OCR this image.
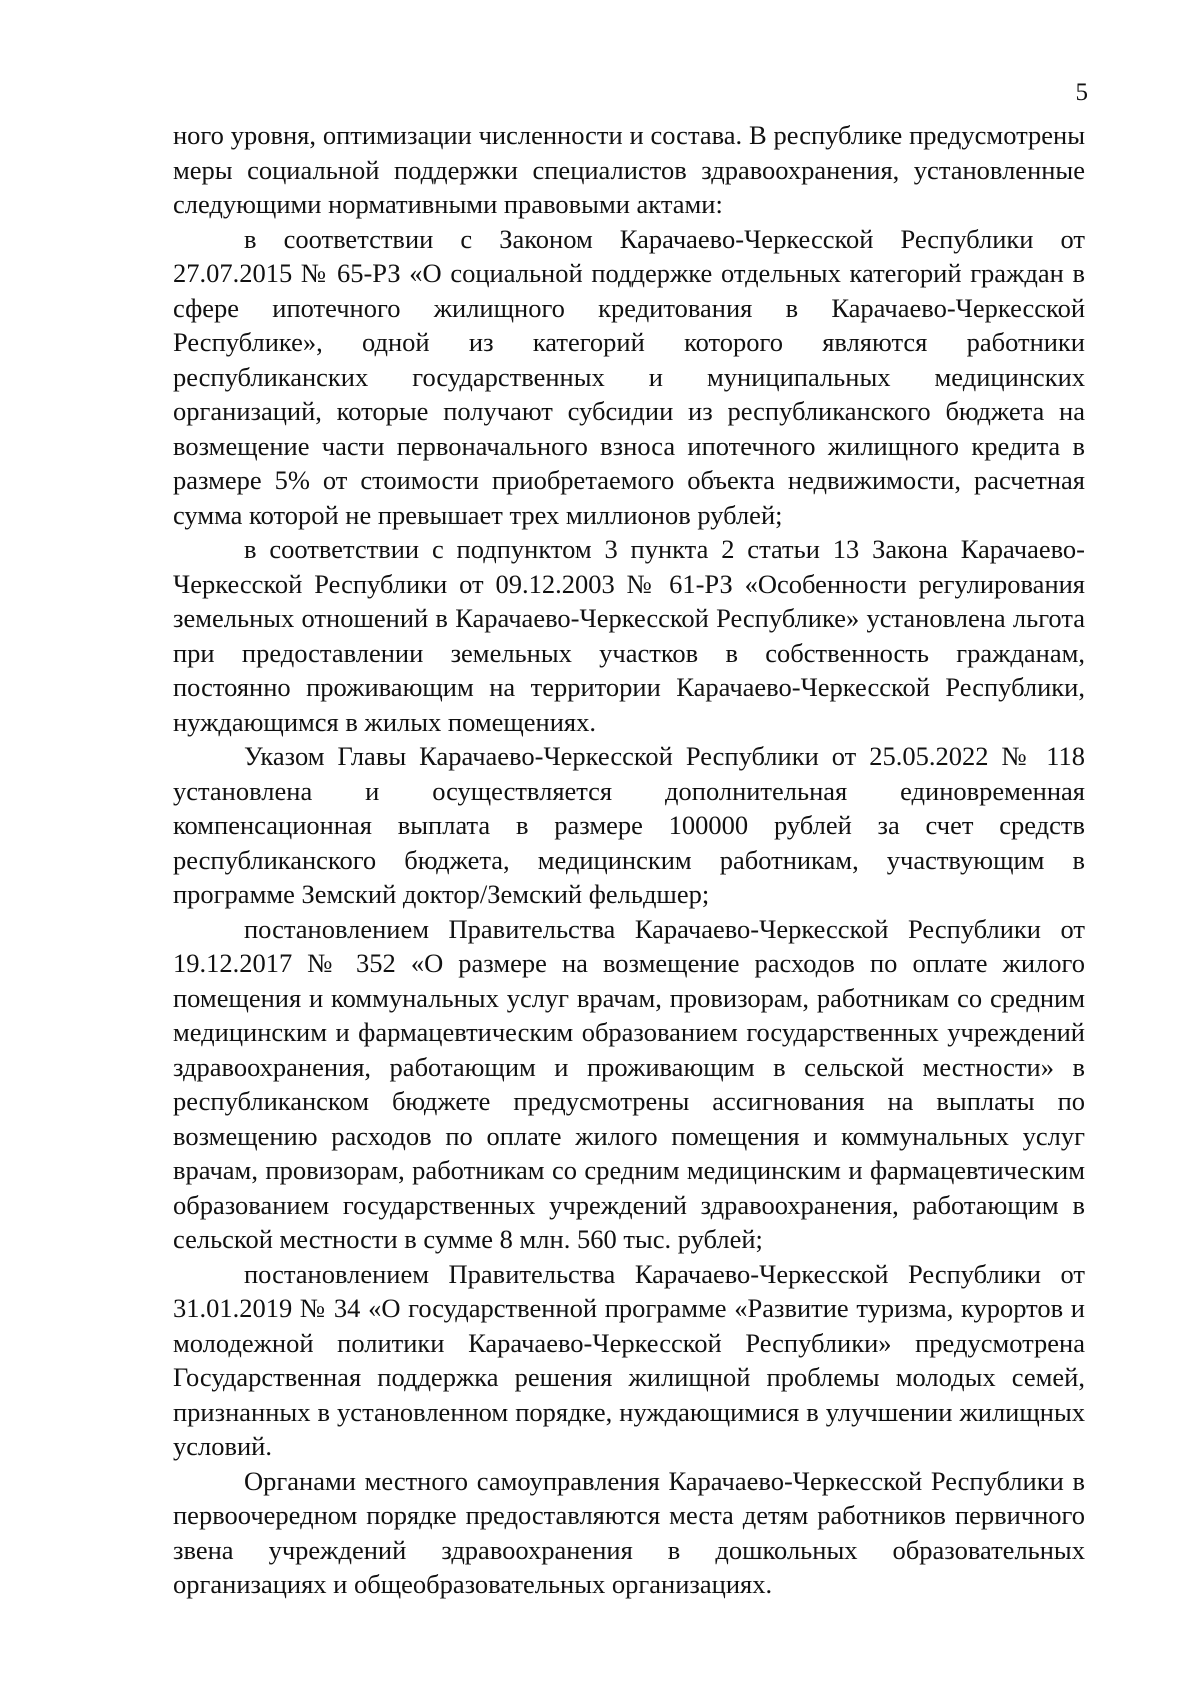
5

ного уровня, оптимизации численности и состава. В республике предусмотрены меры социальной поддержки специалистов здравоохранения, установленные следующими нормативными правовыми актами:

в соответствии с Законом Карачаево-Черкесской Республики от 27.07.2015 № 65-РЗ «О социальной поддержке отдельных категорий граждан в сфере ипотечного жилищного кредитования в Карачаево-Черкесской Республике», одной из категорий которого являются работники республиканских государственных и муниципальных медицинских организаций, которые получают субсидии из республиканского бюджета на возмещение части первоначального взноса ипотечного жилищного кредита в размере 5% от стоимости приобретаемого объекта недвижимости, расчетная сумма которой не превышает трех миллионов рублей;

в соответствии с подпунктом 3 пункта 2 статьи 13 Закона Карачаево-Черкесской Республики от 09.12.2003 № 61-РЗ «Особенности регулирования земельных отношений в Карачаево-Черкесской Республике» установлена льгота при предоставлении земельных участков в собственность гражданам, постоянно проживающим на территории Карачаево-Черкесской Республики, нуждающимся в жилых помещениях.

Указом Главы Карачаево-Черкесской Республики от 25.05.2022 № 118 установлена и осуществляется дополнительная единовременная компенсационная выплата в размере 100000 рублей за счет средств республиканского бюджета, медицинским работникам, участвующим в программе Земский доктор/Земский фельдшер;

постановлением Правительства Карачаево-Черкесской Республики от 19.12.2017 № 352 «О размере на возмещение расходов по оплате жилого помещения и коммунальных услуг врачам, провизорам, работникам со средним медицинским и фармацевтическим образованием государственных учреждений здравоохранения, работающим и проживающим в сельской местности» в республиканском бюджете предусмотрены ассигнования на выплаты по возмещению расходов по оплате жилого помещения и коммунальных услуг врачам, провизорам, работникам со средним медицинским и фармацевтическим образованием государственных учреждений здравоохранения, работающим в сельской местности в сумме 8 млн. 560 тыс. рублей;

постановлением Правительства Карачаево-Черкесской Республики от 31.01.2019 № 34 «О государственной программе «Развитие туризма, курортов и молодежной политики Карачаево-Черкесской Республики» предусмотрена Государственная поддержка решения жилищной проблемы молодых семей, признанных в установленном порядке, нуждающимися в улучшении жилищных условий.

Органами местного самоуправления Карачаево-Черкесской Республики в первоочередном порядке предоставляются места детям работников первичного звена учреждений здравоохранения в дошкольных образовательных организациях и общеобразовательных организациях.
